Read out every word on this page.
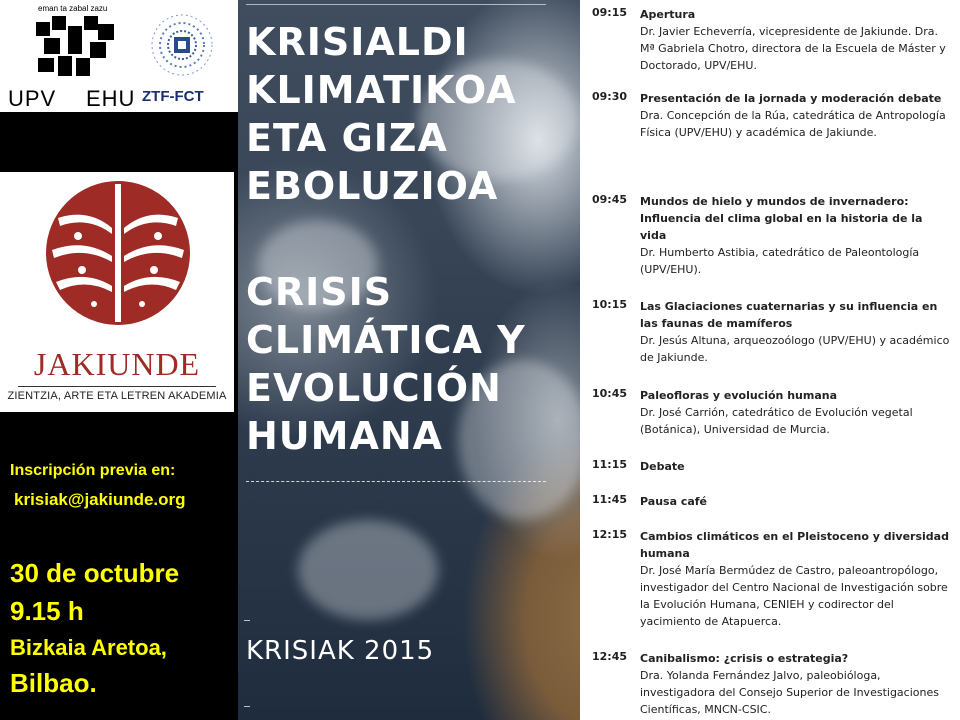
eman ta zabal zazu
UPV EHU ZTF-FCT
JAKIUNDE
ZIENTZIA, ARTE ETA LETREN AKADEMIA
Inscripción previa en:
krisiak@jakiunde.org
30 de octubre
9.15 h
Bizkaia Aretoa,
Bilbao.
KRISIALDI
KLIMATIKOA
ETA GIZA
EBOLUZIOA
CRISIS
CLIMÁTICA Y
EVOLUCIÓN
HUMANA
KRISIAK 2015
09:15 Apertura
Dr. Javier Echeverría, vicepresidente de Jakiunde. Dra. Mª Gabriela Chotro, directora de la Escuela de Máster y Doctorado, UPV/EHU.
09:30 Presentación de la jornada y moderación debate
Dra. Concepción de la Rúa, catedrática de Antropología Física (UPV/EHU) y académica de Jakiunde.
09:45 Mundos de hielo y mundos de invernadero: Influencia del clima global en la historia de la vida
Dr. Humberto Astibia, catedrático de Paleontología (UPV/EHU).
10:15 Las Glaciaciones cuaternarias y su influencia en las faunas de mamíferos
Dr. Jesús Altuna, arqueozoólogo (UPV/EHU) y académico de Jakiunde.
10:45 Paleofloras y evolución humana
Dr. José Carrión, catedrático de Evolución vegetal (Botánica), Universidad de Murcia.
11:15 Debate
11:45 Pausa café
12:15 Cambios climáticos en el Pleistoceno y diversidad humana
Dr. José María Bermúdez de Castro, paleoantropólogo, investigador del Centro Nacional de Investigación sobre la Evolución Humana, CENIEH y codirector del yacimiento de Atapuerca.
12:45 Canibalismo: ¿crisis o estrategia?
Dra. Yolanda Fernández Jalvo, paleobióloga, investigadora del Consejo Superior de Investigaciones Científicas, MNCN-CSIC.
